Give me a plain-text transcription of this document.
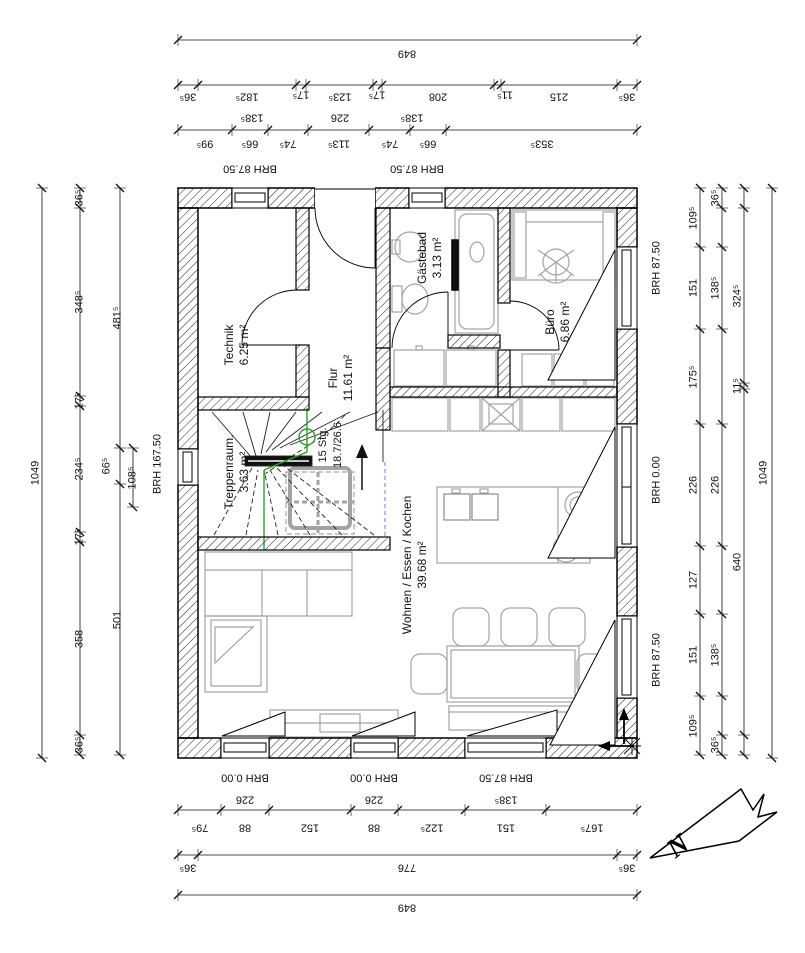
Technik 6.25 m²
Gästebad 3.13 m²
Büro 6.86 m²
Flur 11.61 m²
Treppenraum. 3.63 m²
Wohnen / Essen / Kochen 39.68 m²
15 Stg. 18.7/26.6
N
849
36⁵	182⁵	17⁵ 123⁵ 17⁵	208	11⁵	215	36⁵
138⁵	226	138⁵
99⁵	66⁵ 74⁵	113⁵	74⁵ 66⁵	353⁵
BRH 87.50	BRH 87.50
BRH 0.00	BRH 0.00	BRH 87.50
226	226	138⁵
79⁵	88	152	88	122⁵	151	167⁵
36⁵	776	36⁵
849
1049
36⁵
348⁵
17⁵
234⁵
17⁵
358
36⁵
481⁵
66⁵
108⁵
501
BRH 167.50
BRH 87.50
BRH 0.00
BRH 87.50
109⁵
151
175⁵
226
127
151
109⁵
36⁵
138⁵
226
138⁵
36⁵
324⁵
11⁵
640
1049
